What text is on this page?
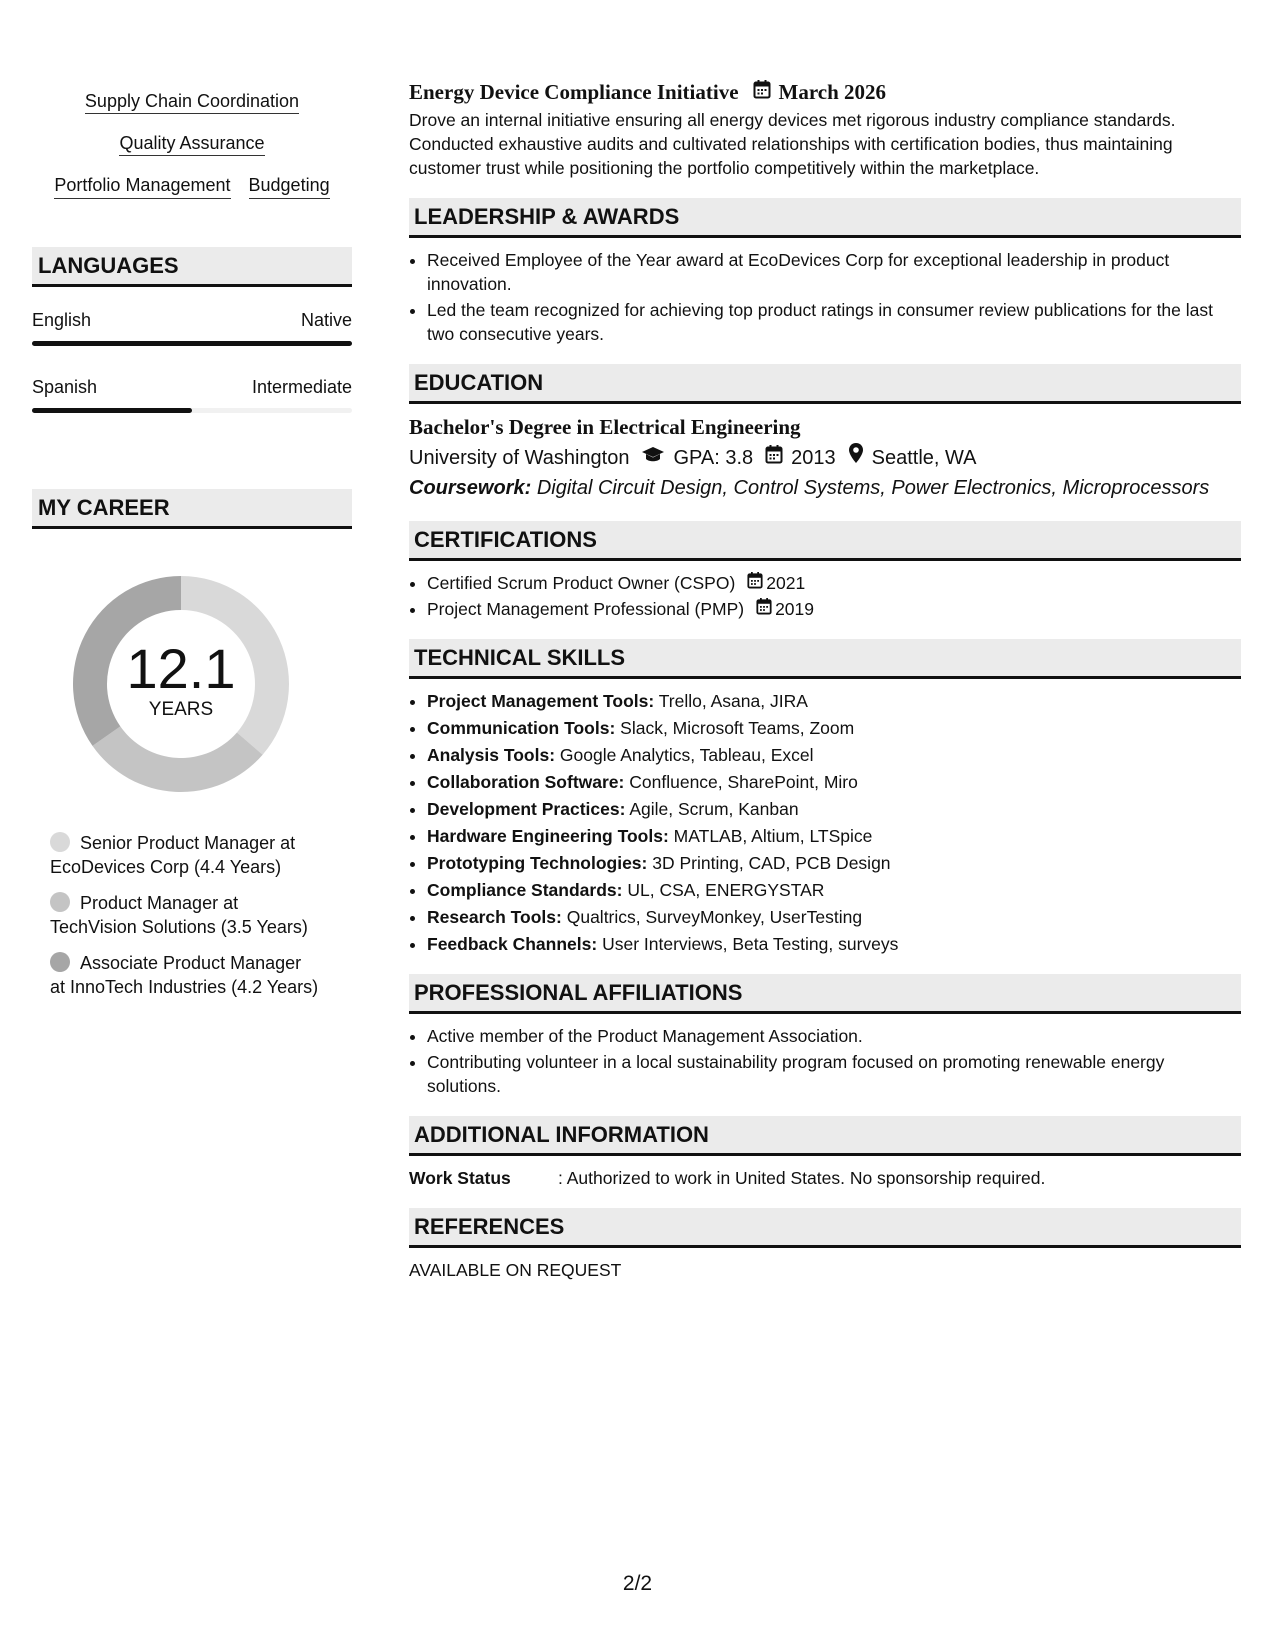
Supply Chain Coordination
Quality Assurance
Portfolio Management Budgeting
LANGUAGES
English	Native
Spanish	Intermediate
MY CAREER
12.1
YEARS
Senior Product Manager at EcoDevices Corp (4.4 Years)
Product Manager at TechVision Solutions (3.5 Years)
Associate Product Manager at InnoTech Industries (4.2 Years)
Energy Device Compliance Initiative March 2026
Drove an internal initiative ensuring all energy devices met rigorous industry compliance standards. Conducted exhaustive audits and cultivated relationships with certification bodies, thus maintaining customer trust while positioning the portfolio competitively within the marketplace.
LEADERSHIP & AWARDS
• Received Employee of the Year award at EcoDevices Corp for exceptional leadership in product innovation.
• Led the team recognized for achieving top product ratings in consumer review publications for the last two consecutive years.
EDUCATION
Bachelor's Degree in Electrical Engineering
University of Washington GPA: 3.8 2013 Seattle, WA
Coursework: Digital Circuit Design, Control Systems, Power Electronics, Microprocessors
CERTIFICATIONS
• Certified Scrum Product Owner (CSPO) 2021
• Project Management Professional (PMP) 2019
TECHNICAL SKILLS
• Project Management Tools: Trello, Asana, JIRA
• Communication Tools: Slack, Microsoft Teams, Zoom
• Analysis Tools: Google Analytics, Tableau, Excel
• Collaboration Software: Confluence, SharePoint, Miro
• Development Practices: Agile, Scrum, Kanban
• Hardware Engineering Tools: MATLAB, Altium, LTSpice
• Prototyping Technologies: 3D Printing, CAD, PCB Design
• Compliance Standards: UL, CSA, ENERGYSTAR
• Research Tools: Qualtrics, SurveyMonkey, UserTesting
• Feedback Channels: User Interviews, Beta Testing, surveys
PROFESSIONAL AFFILIATIONS
• Active member of the Product Management Association.
• Contributing volunteer in a local sustainability program focused on promoting renewable energy solutions.
ADDITIONAL INFORMATION
Work Status	: Authorized to work in United States. No sponsorship required.
REFERENCES
AVAILABLE ON REQUEST
2/2
